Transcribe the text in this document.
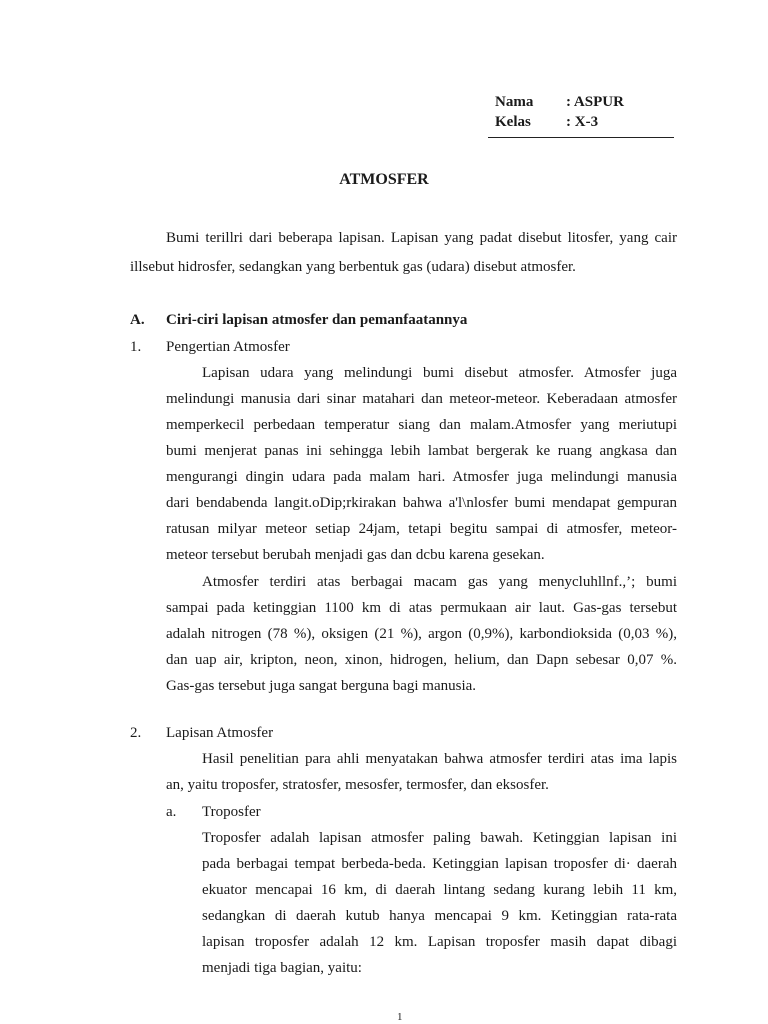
Nama : ASPUR
Kelas : X-3
ATMOSFER
Bumi terillri dari beberapa lapisan. Lapisan yang padat disebut litosfer, yang cair
illsebut hidrosfer, sedangkan yang berbentuk gas (udara) disebut atmosfer.
A. Ciri-ciri lapisan atmosfer dan pemanfaatannya
1. Pengertian Atmosfer
Lapisan udara yang melindungi bumi disebut atmosfer. Atmosfer juga
melindungi manusia dari sinar matahari dan meteor-meteor. Keberadaan atmosfer
memperkecil perbedaan temperatur siang dan malam.Atmosfer yang meriutupi
bumi menjerat panas ini sehingga lebih lambat bergerak ke ruang angkasa dan
mengurangi dingin udara pada malam hari. Atmosfer juga melindungi manusia
dari bendabenda langit.oDip;rkirakan bahwa a'l\nlosfer bumi mendapat gempuran
ratusan milyar meteor setiap 24jam, tetapi begitu sampai di atmosfer, meteor-
meteor tersebut berubah menjadi gas dan dcbu karena gesekan.
Atmosfer terdiri atas berbagai macam gas yang menycluhllnf.,’; bumi
sampai pada ketinggian 1100 km di atas permukaan air laut. Gas-gas tersebut
adalah nitrogen (78 %), oksigen (21 %), argon (0,9%), karbondioksida (0,03 %),
dan uap air, kripton, neon, xinon, hidrogen, helium, dan Dapn sebesar 0,07 %.
Gas-gas tersebut juga sangat berguna bagi manusia.
2. Lapisan Atmosfer
Hasil penelitian para ahli menyatakan bahwa atmosfer terdiri atas ima lapis
an, yaitu troposfer, stratosfer, mesosfer, termosfer, dan eksosfer.
a. Troposfer
Troposfer adalah lapisan atmosfer paling bawah. Ketinggian lapisan ini
pada berbagai tempat berbeda-beda. Ketinggian lapisan troposfer di· daerah
ekuator mencapai 16 km, di daerah lintang sedang kurang lebih 11 km,
sedangkan di daerah kutub hanya mencapai 9 km. Ketinggian rata-rata
lapisan troposfer adalah 12 km. Lapisan troposfer masih dapat dibagi
menjadi tiga bagian, yaitu:
1
